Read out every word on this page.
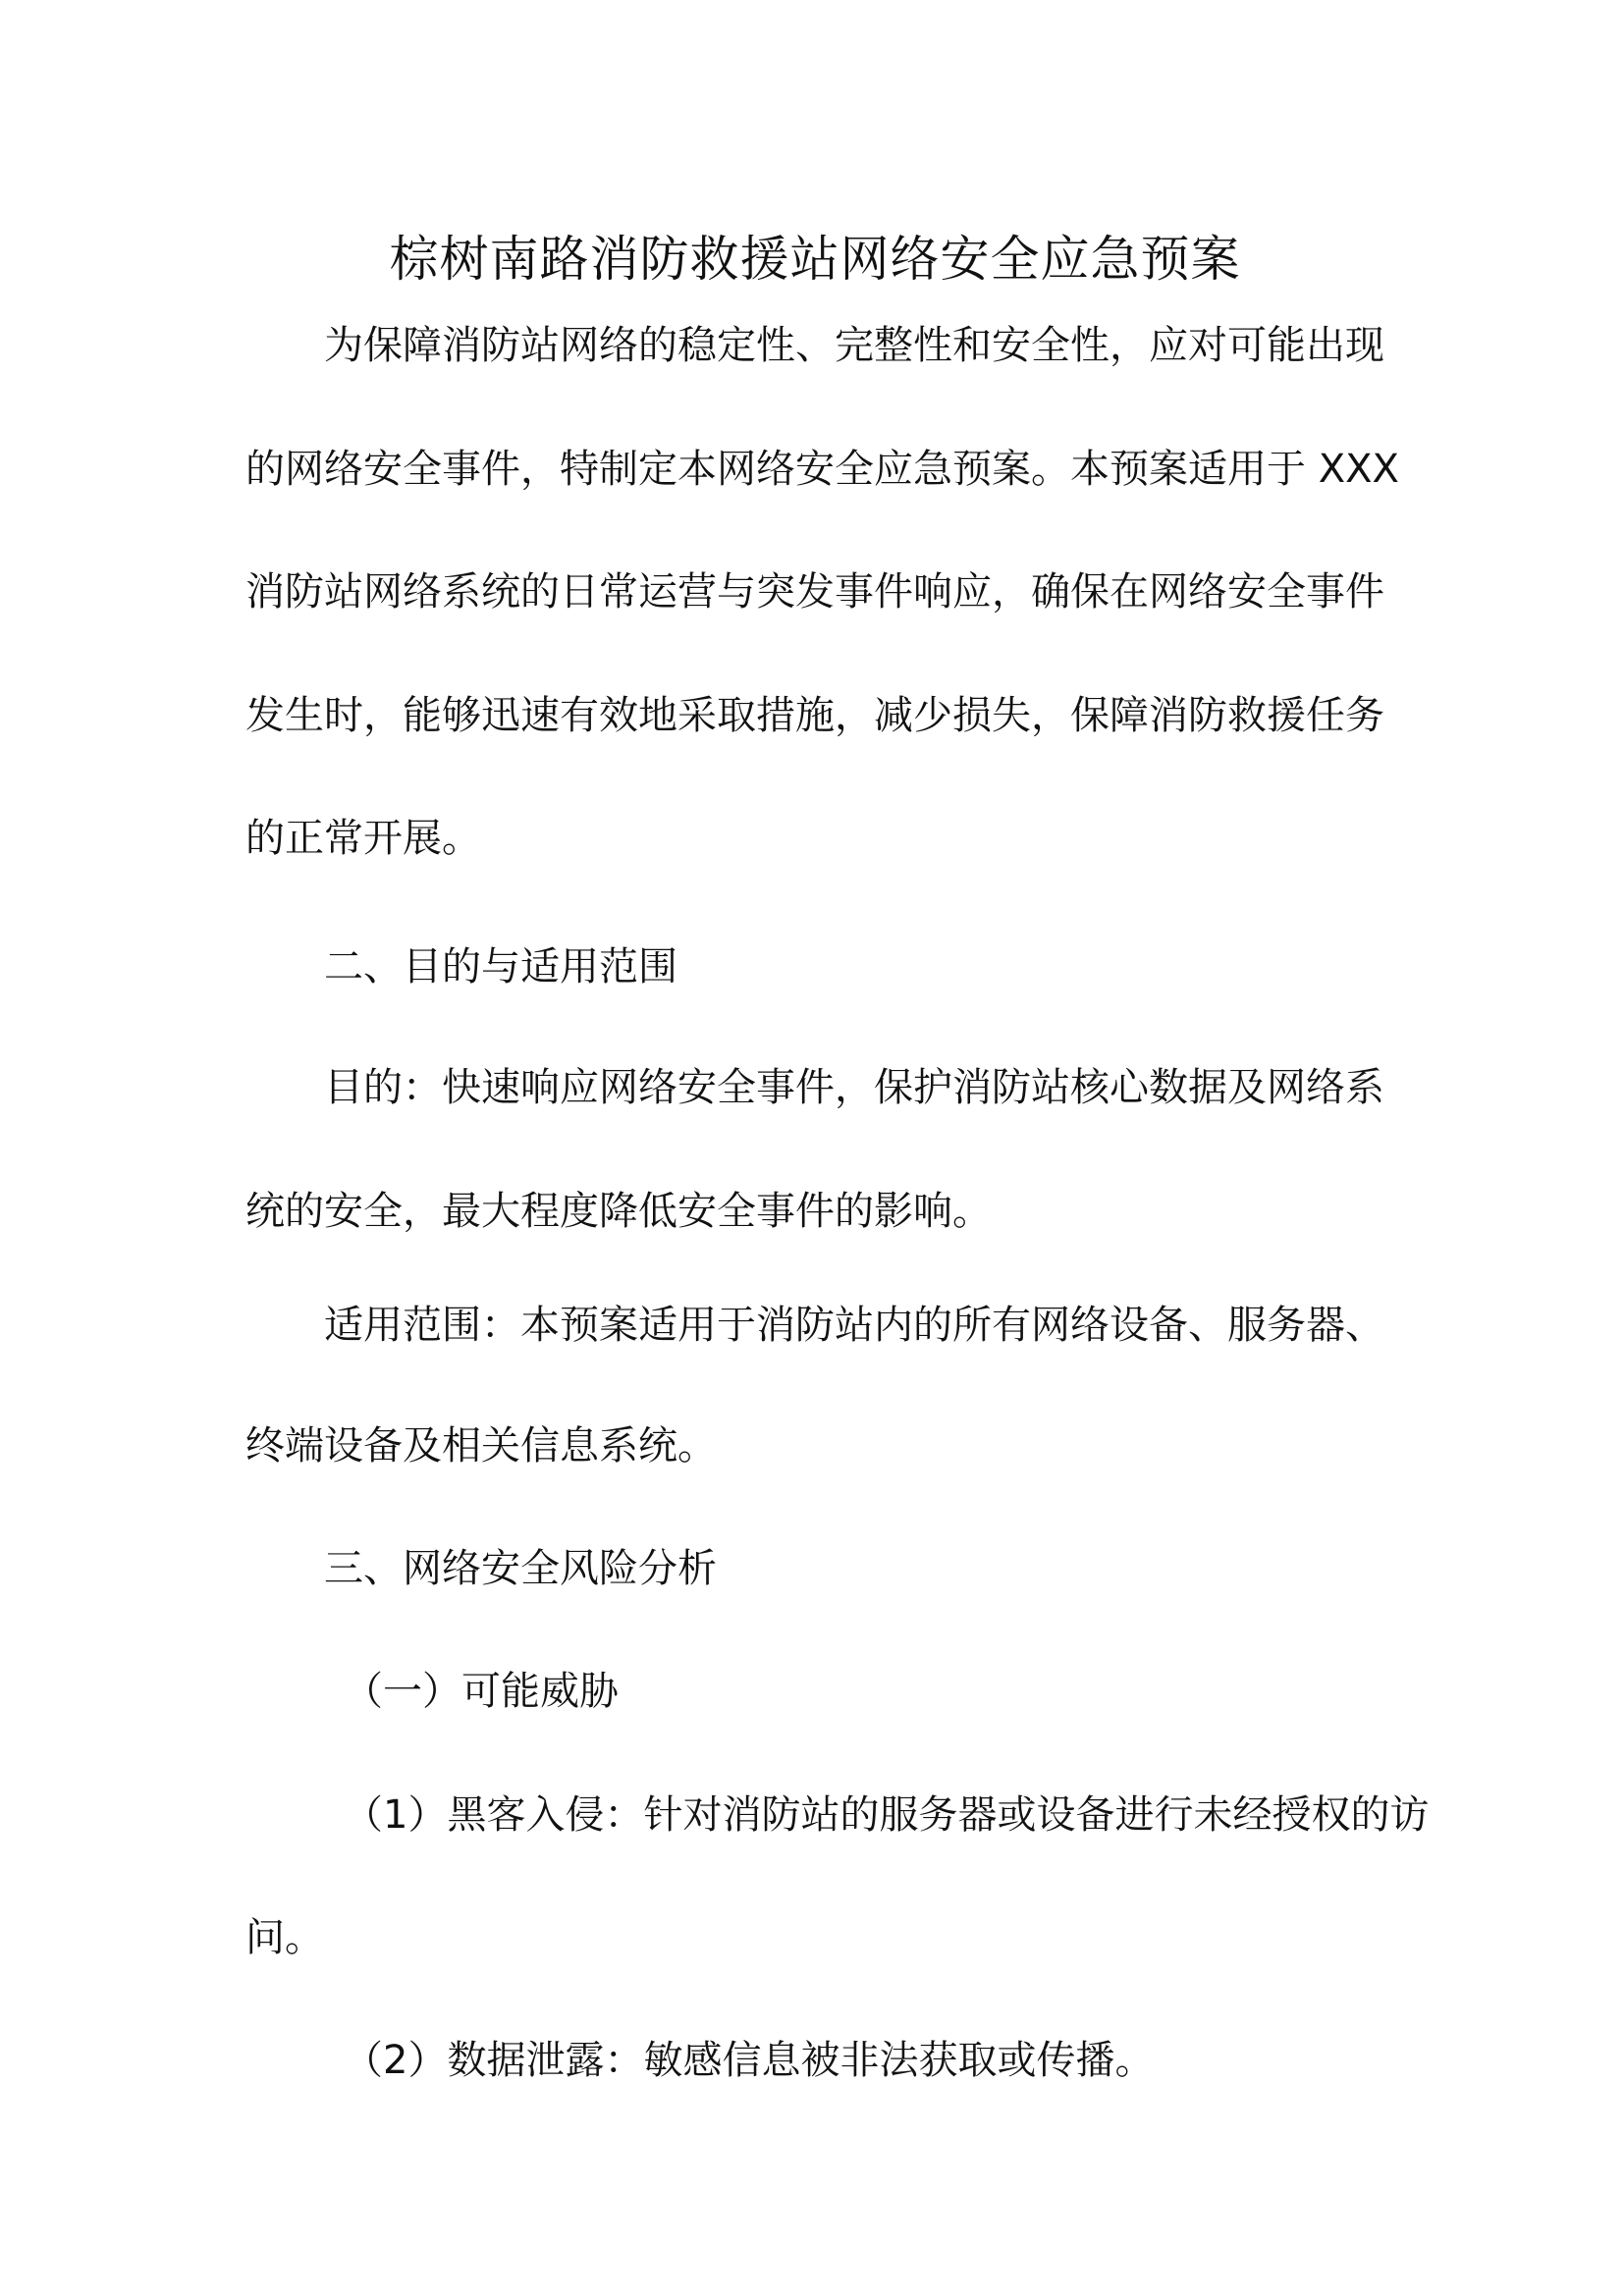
棕树南路消防救援站网络安全应急预案
为保障消防站网络的稳定性、完整性和安全性，应对可能出现
的网络安全事件，特制定本网络安全应急预案。本预案适用于 XXX
消防站网络系统的日常运营与突发事件响应，确保在网络安全事件
发生时，能够迅速有效地采取措施，减少损失，保障消防救援任务
的正常开展。
二、目的与适用范围
目的：快速响应网络安全事件，保护消防站核心数据及网络系
统的安全，最大程度降低安全事件的影响。
适用范围：本预案适用于消防站内的所有网络设备、服务器、
终端设备及相关信息系统。
三、网络安全风险分析
（一）可能威胁
（1）黑客入侵：针对消防站的服务器或设备进行未经授权的访
问。
（2）数据泄露：敏感信息被非法获取或传播。
